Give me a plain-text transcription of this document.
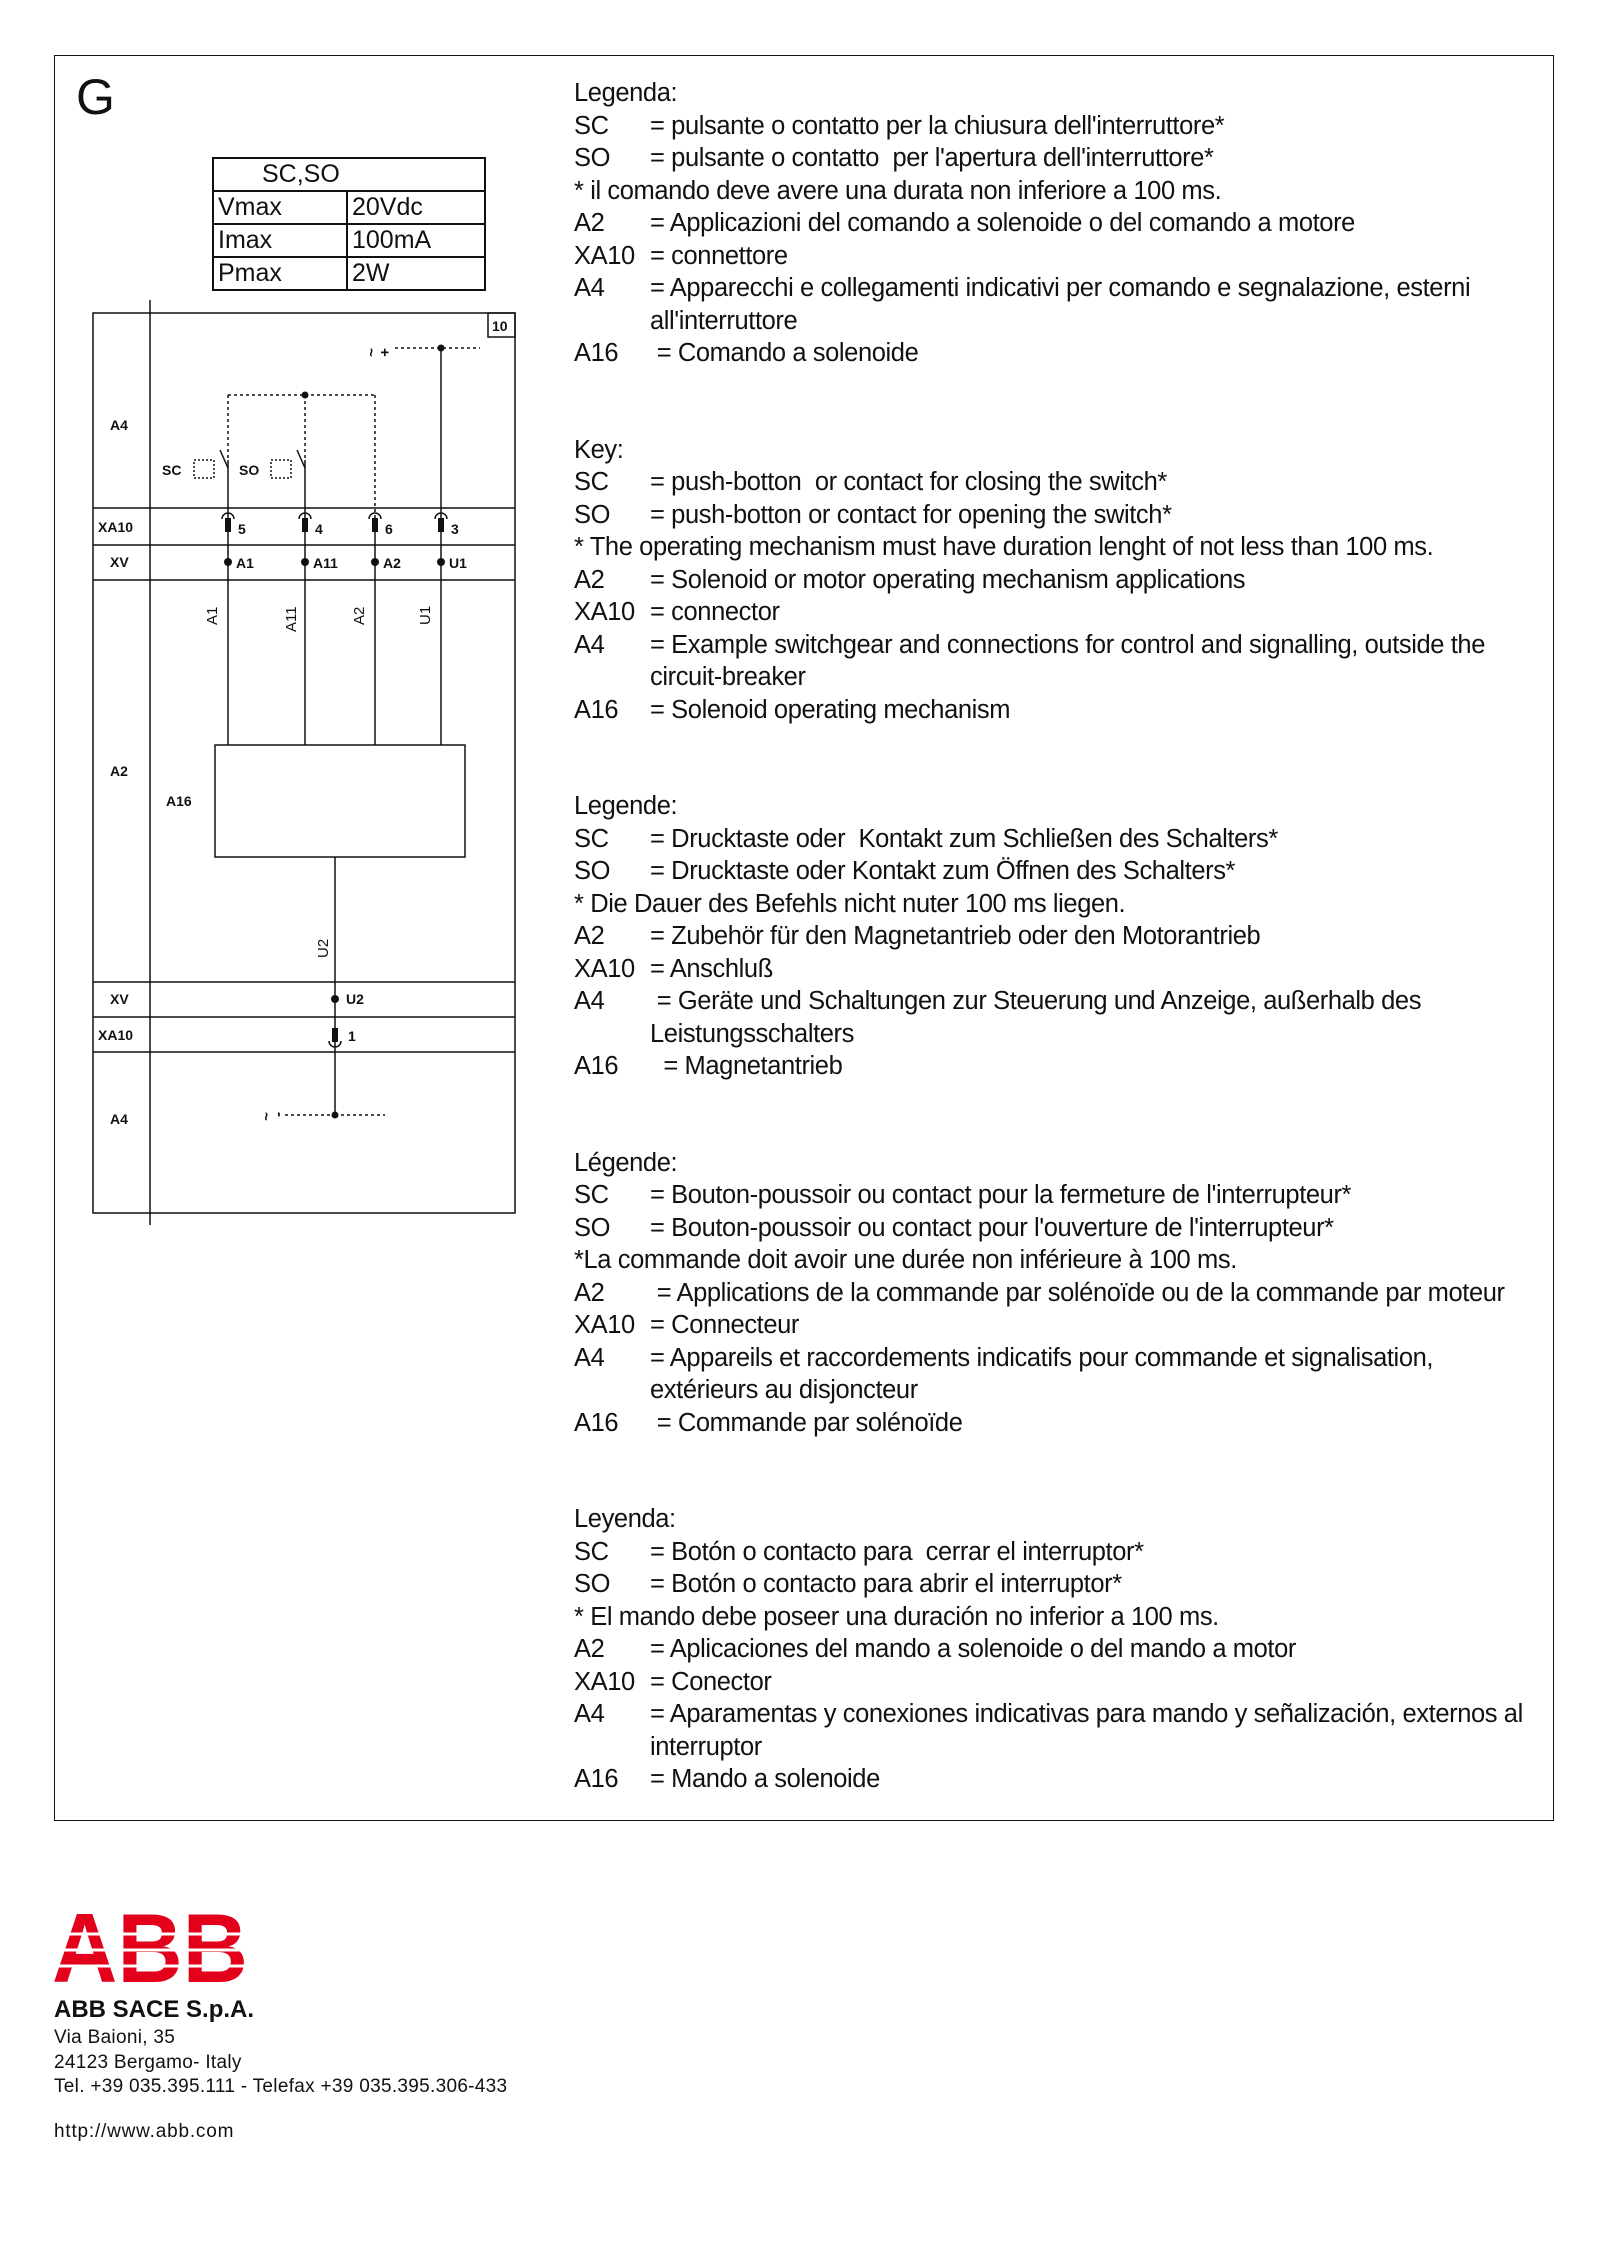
G
SC,SO	
Vmax	20Vdc
Imax	100mA
Pmax	2W
A4
XA10
XV
A2
XV
XA10
A4
10
+~
-~
SC	SO
5	4	6	3
A1	A11	A2	U1
A1	A11	A2	U1
A16
U2
U2
1
Legenda:
SC	= pulsante o contatto per la chiusura dell'interruttore*
SO	= pulsante o contatto  per l'apertura dell'interruttore*
* il comando deve avere una durata non inferiore a 100 ms.
A2	= Applicazioni del comando a solenoide o del comando a motore
XA10 = connettore
A4	= Apparecchi e collegamenti indicativi per comando e segnalazione, esterni all'interruttore
A16	= Comando a solenoide
Key:
SC	= push-botton  or contact for closing the switch*
SO	= push-botton or contact for opening the switch*
* The operating mechanism must have duration lenght of not less than 100 ms.
A2	= Solenoid or motor operating mechanism applications
XA10 = connector
A4	= Example switchgear and connections for control and signalling, outside the circuit-breaker
A16	= Solenoid operating mechanism
Legende:
SC	= Drucktaste oder  Kontakt zum Schließen des Schalters*
SO	= Drucktaste oder Kontakt zum Öffnen des Schalters*
* Die Dauer des Befehls nicht nuter 100 ms liegen.
A2	= Zubehör für den Magnetantrieb oder den Motorantrieb
XA10 = Anschluß
A4	= Geräte und Schaltungen zur Steuerung und Anzeige, außerhalb des Leistungsschalters
A16	= Magnetantrieb
Légende:
SC	= Bouton-poussoir ou contact pour la fermeture de l'interrupteur*
SO	= Bouton-poussoir ou contact pour l'ouverture de l'interrupteur*
*La commande doit avoir une durée non inférieure à 100 ms.
A2	= Applications de la commande par solénoïde ou de la commande par moteur
XA10 = Connecteur
A4	= Appareils et raccordements indicatifs pour commande et signalisation, extérieurs au disjoncteur
A16	= Commande par solénoïde
Leyenda:
SC	= Botón o contacto para  cerrar el interruptor*
SO	= Botón o contacto para abrir el interruptor*
* El mando debe poseer una duración no inferior a 100 ms.
A2	= Aplicaciones del mando a solenoide o del mando a motor
XA10 = Conector
A4	= Aparamentas y conexiones indicativas para mando y señalización, externos al interruptor
A16	= Mando a solenoide
ABB
ABB SACE S.p.A.
Via Baioni, 35
24123 Bergamo- Italy
Tel. +39 035.395.111 - Telefax +39 035.395.306-433
http://www.abb.com
